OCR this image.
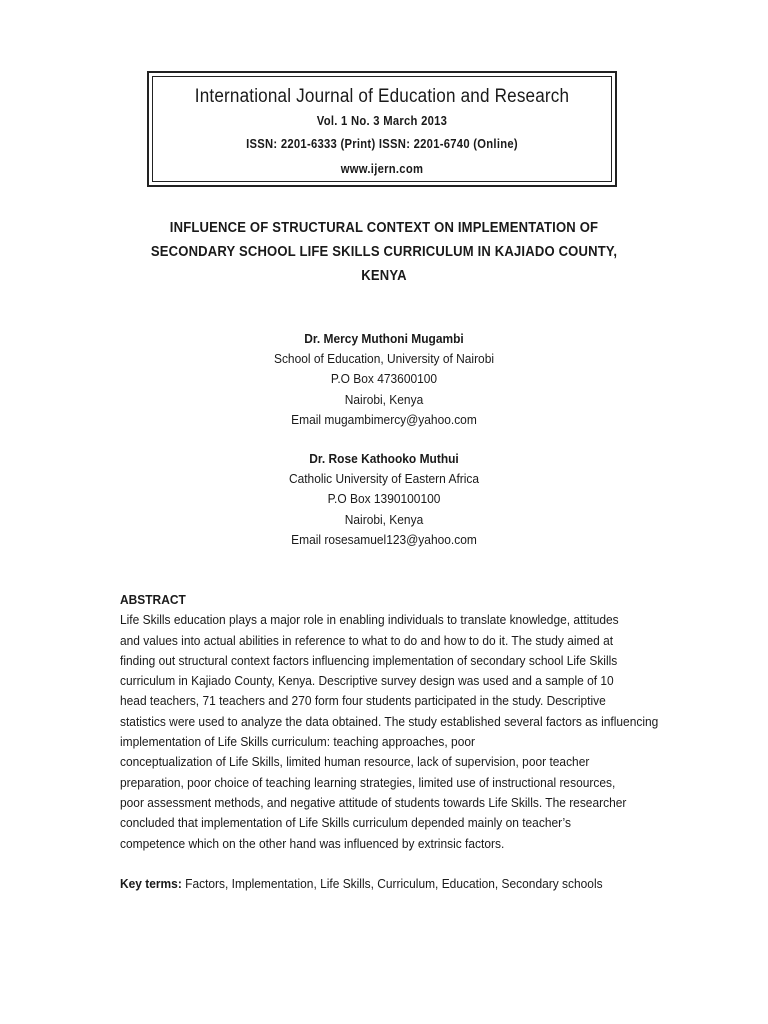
International Journal of Education and Research
Vol. 1 No. 3 March 2013
ISSN: 2201-6333 (Print) ISSN: 2201-6740 (Online)
www.ijern.com
INFLUENCE OF STRUCTURAL CONTEXT ON IMPLEMENTATION OF
SECONDARY SCHOOL LIFE SKILLS CURRICULUM IN KAJIADO COUNTY,
KENYA
Dr. Mercy Muthoni Mugambi
School of Education, University of Nairobi
P.O Box 473600100
Nairobi, Kenya
Email mugambimercy@yahoo.com
Dr. Rose Kathooko Muthui
Catholic University of Eastern Africa
P.O Box 1390100100
Nairobi, Kenya
Email rosesamuel123@yahoo.com
ABSTRACT
Life Skills education plays a major role in enabling individuals to translate knowledge, attitudes
and values into actual abilities in reference to what to do and how to do it. The study aimed at
finding out structural context factors influencing implementation of secondary school Life Skills
curriculum in Kajiado County, Kenya. Descriptive survey design was used and a sample of 10
head teachers, 71 teachers and 270 form four students participated in the study. Descriptive
statistics were used to analyze the data obtained. The study established several factors as influencing
implementation of Life Skills curriculum: teaching approaches, poor
conceptualization of Life Skills, limited human resource, lack of supervision, poor teacher
preparation, poor choice of teaching learning strategies, limited use of instructional resources,
poor assessment methods, and negative attitude of students towards Life Skills. The researcher
concluded that implementation of Life Skills curriculum depended mainly on teacher’s
competence which on the other hand was influenced by extrinsic factors.
Key terms: Factors, Implementation, Life Skills, Curriculum, Education, Secondary schools
